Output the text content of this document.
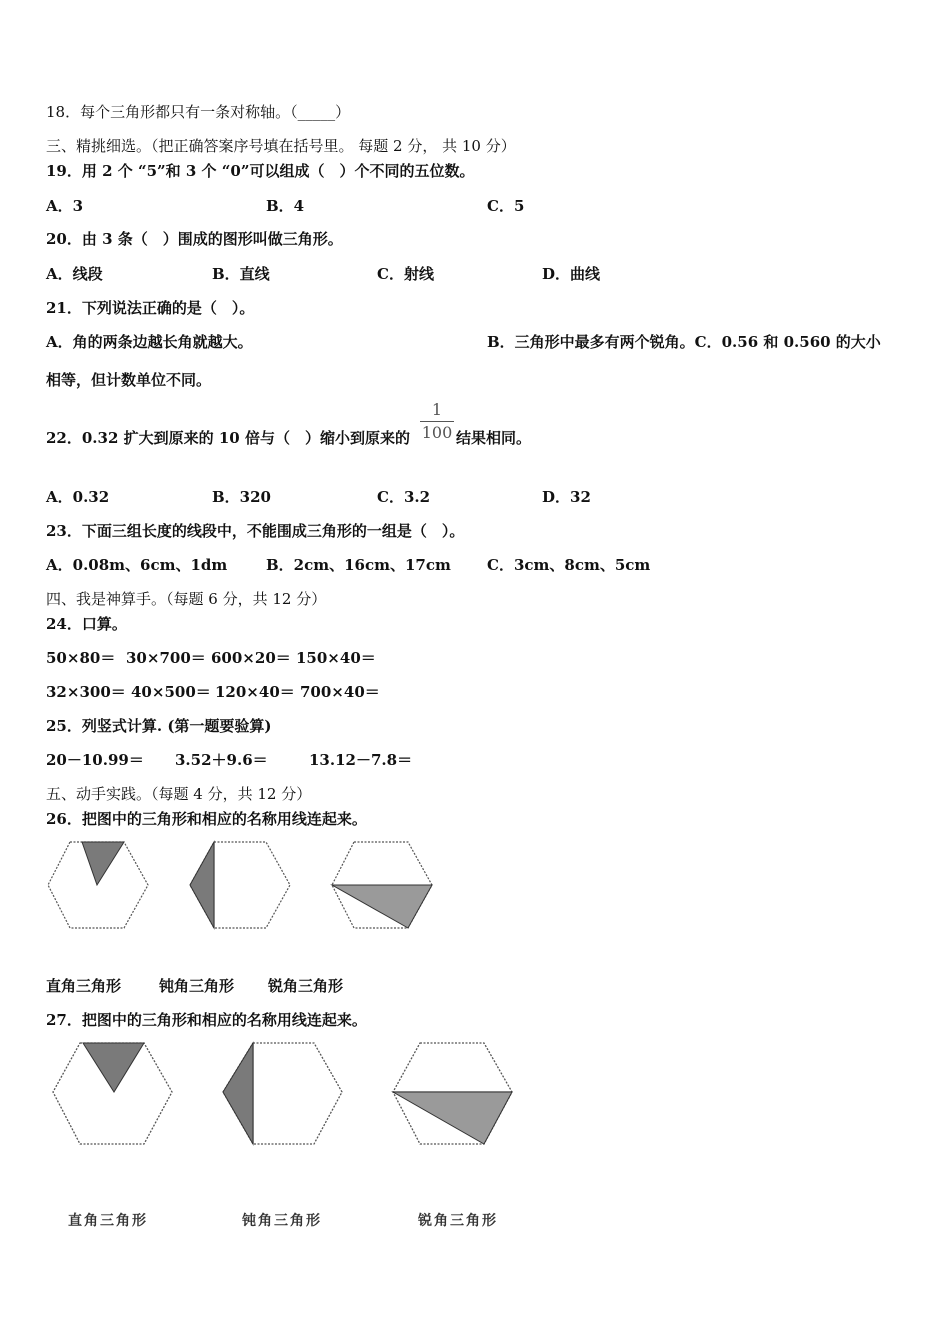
18．每个三角形都只有一条对称轴。（_____）
三、精挑细选。（把正确答案序号填在括号里。 每题 2 分， 共 10 分）
19．用 2 个 “5”和 3 个 “0”可以组成（　）个不同的五位数。
A．3	B．4	C．5
20．由 3 条（　）围成的图形叫做三角形。
A．线段	B．直线	C．射线	D．曲线
21．下列说法正确的是（　）。
A．角的两条边越长角就越大。	B．三角形中最多有两个锐角。C．0.56 和 0.560 的大小
相等，但计数单位不同。
22．0.32 扩大到原来的 10 倍与（　）缩小到原来的
1
100 结果相同。
A．0.32	B．320	C．3.2	D．32
23．下面三组长度的线段中，不能围成三角形的一组是（　）。
A．0.08m、6cm、1dm	B．2cm、16cm、17cm C．3cm、8cm、5cm
四、我是神算手。（每题 6 分，共 12 分）
24．口算。
50×80＝ 30×700＝ 600×20＝ 150×40＝
32×300＝ 40×500＝ 120×40＝ 700×40＝
25．列竖式计算. (第一题要验算)
20－10.99＝ 3.52＋9.6＝	13.12－7.8＝
五、动手实践。（每题 4 分，共 12 分）
26．把图中的三角形和相应的名称用线连起来。
直角三角形	钝角三角形 锐角三角形
27．把图中的三角形和相应的名称用线连起来。
直角三角形	钝角三角形	锐角三角形
